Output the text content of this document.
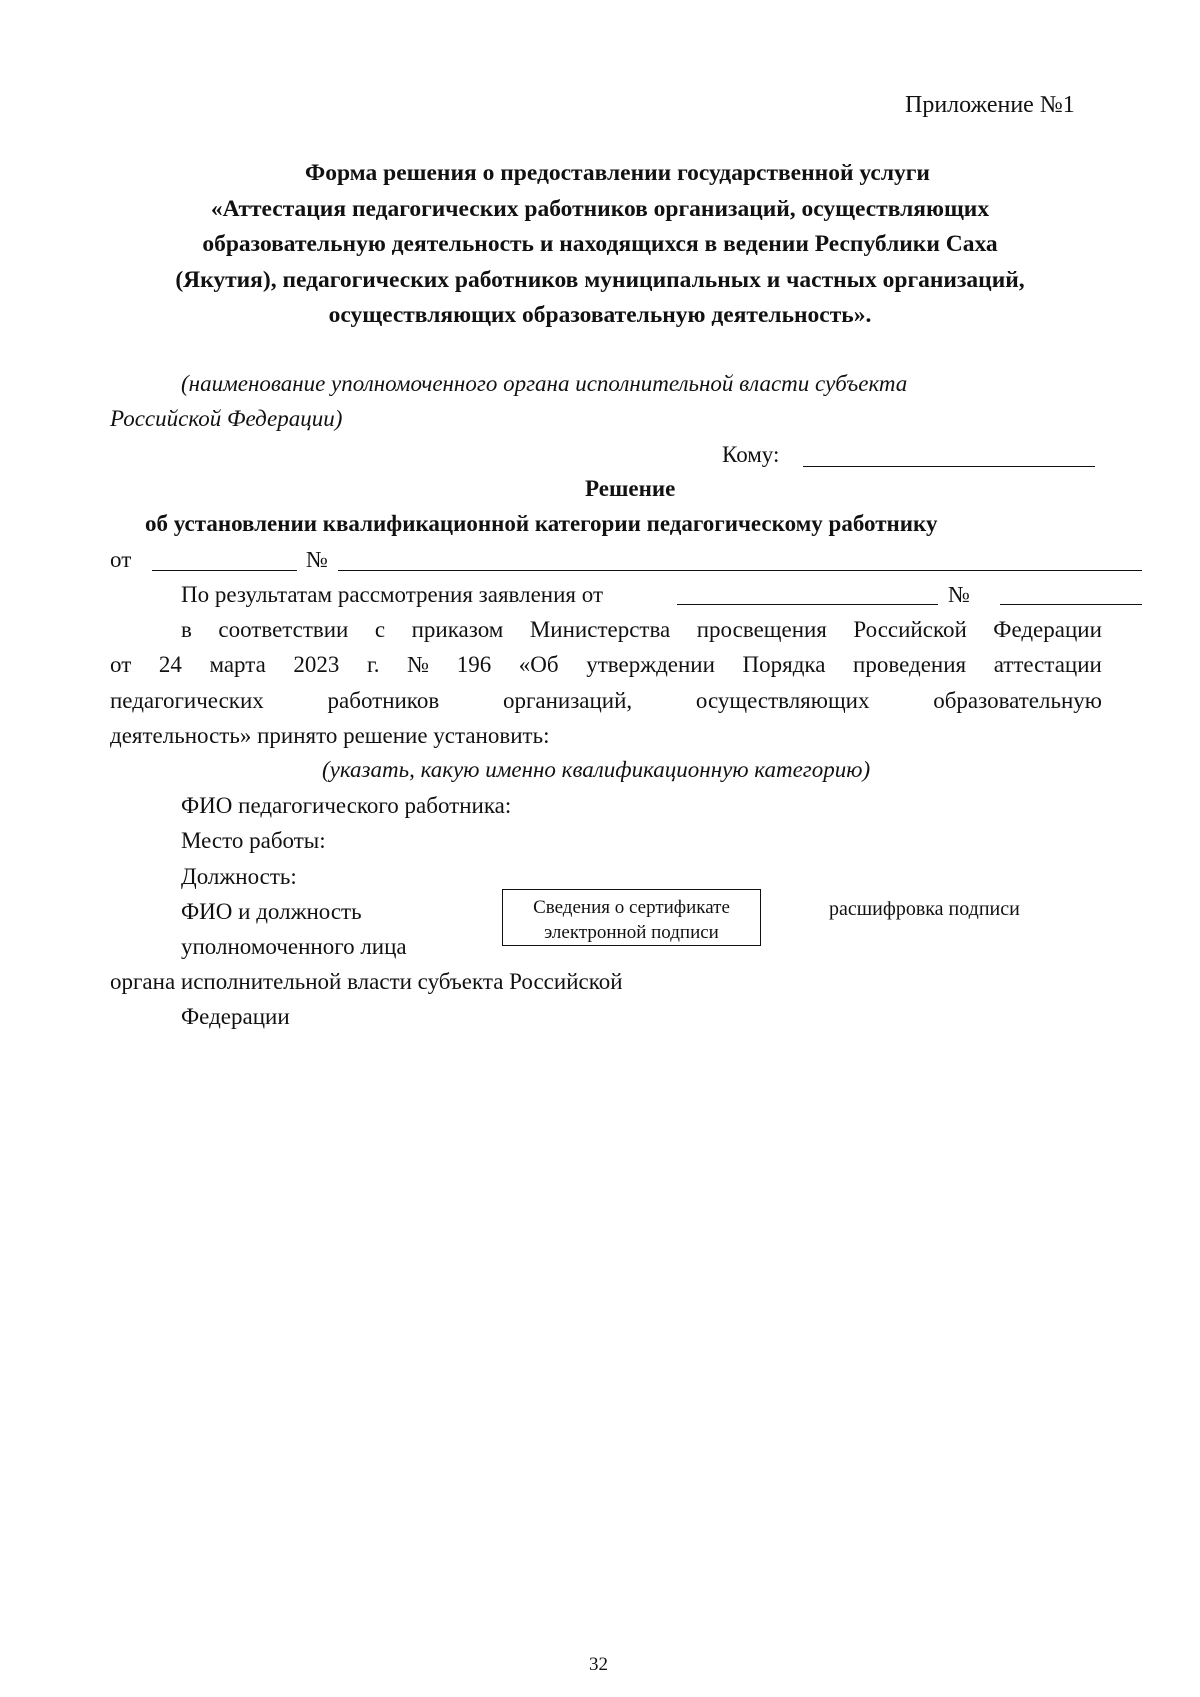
Приложение №1
Форма решения о предоставлении государственной услуги
«Аттестация педагогических работников организаций, осуществляющих
образовательную деятельность и находящихся в ведении Республики Саха
(Якутия), педагогических работников муниципальных и частных организаций,
осуществляющих образовательную деятельность».
(наименование уполномоченного органа исполнительной власти субъекта
Российской Федерации)
Кому:
Решение
об установлении квалификационной категории педагогическому работнику
от	№
По результатам рассмотрения заявления от	№
в соответствии с приказом Министерства просвещения Российской Федерации
от 24 марта 2023 г. № 196 «Об утверждении Порядка проведения аттестации
педагогических	работников	организаций,	осуществляющих	образовательную
деятельность» принято решение установить:
(указать, какую именно квалификационную категорию)
ФИО педагогического работника:
Место работы:
Должность:
ФИО и должность
уполномоченного лица
органа исполнительной власти субъекта Российской
Федерации
Сведения о сертификате
электронной подписи
расшифровка подписи
32
